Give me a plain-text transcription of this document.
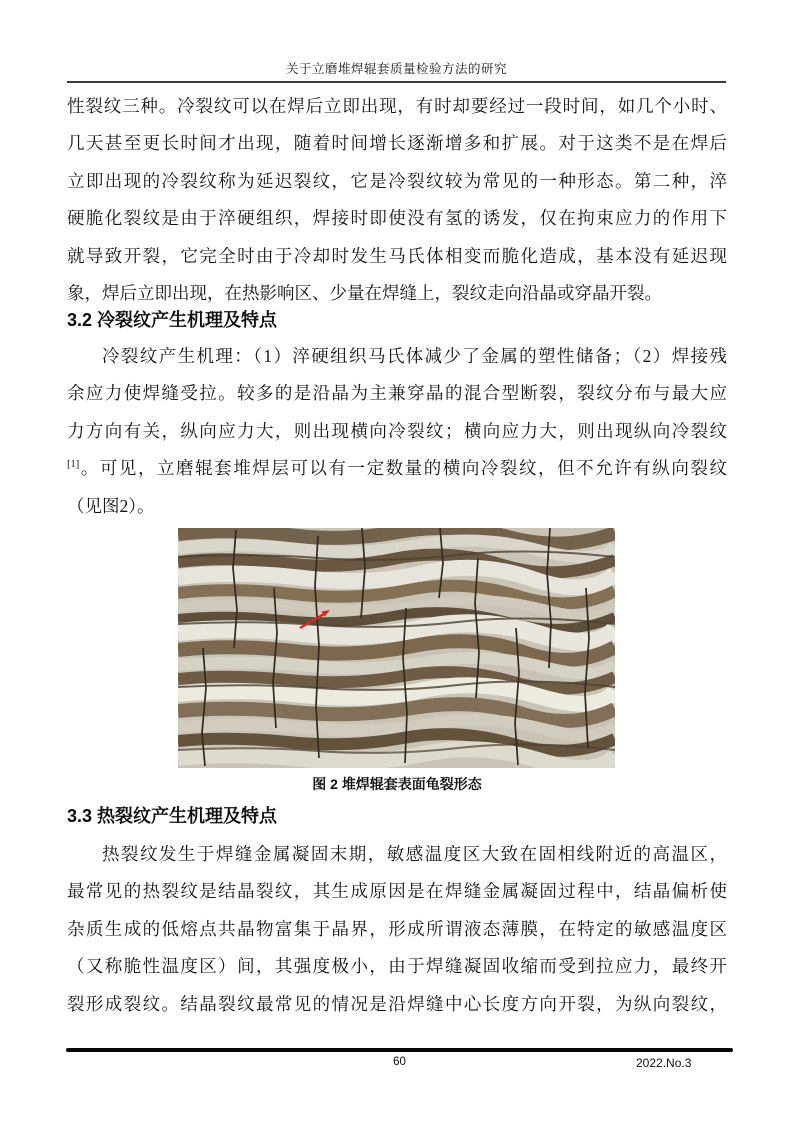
关于立磨堆焊辊套质量检验方法的研究
性裂纹三种。冷裂纹可以在焊后立即出现，有时却要经过一段时间，如几个小时、
几天甚至更长时间才出现，随着时间增长逐渐增多和扩展。对于这类不是在焊后
立即出现的冷裂纹称为延迟裂纹，它是冷裂纹较为常见的一种形态。第二种，淬
硬脆化裂纹是由于淬硬组织，焊接时即使没有氢的诱发，仅在拘束应力的作用下
就导致开裂，它完全时由于冷却时发生马氏体相变而脆化造成，基本没有延迟现
象，焊后立即出现，在热影响区、少量在焊缝上，裂纹走向沿晶或穿晶开裂。
3.2 冷裂纹产生机理及特点
冷裂纹产生机理：（1）淬硬组织马氏体减少了金属的塑性储备；（2）焊接残
余应力使焊缝受拉。较多的是沿晶为主兼穿晶的混合型断裂，裂纹分布与最大应
力方向有关，纵向应力大，则出现横向冷裂纹；横向应力大，则出现纵向冷裂纹
[1]。可见，立磨辊套堆焊层可以有一定数量的横向冷裂纹，但不允许有纵向裂纹
（见图2）。
图 2 堆焊辊套表面龟裂形态
3.3 热裂纹产生机理及特点
热裂纹发生于焊缝金属凝固末期，敏感温度区大致在固相线附近的高温区，
最常见的热裂纹是结晶裂纹，其生成原因是在焊缝金属凝固过程中，结晶偏析使
杂质生成的低熔点共晶物富集于晶界，形成所谓液态薄膜，在特定的敏感温度区
（又称脆性温度区）间，其强度极小，由于焊缝凝固收缩而受到拉应力，最终开
裂形成裂纹。结晶裂纹最常见的情况是沿焊缝中心长度方向开裂，为纵向裂纹，
60	2022.No.3
